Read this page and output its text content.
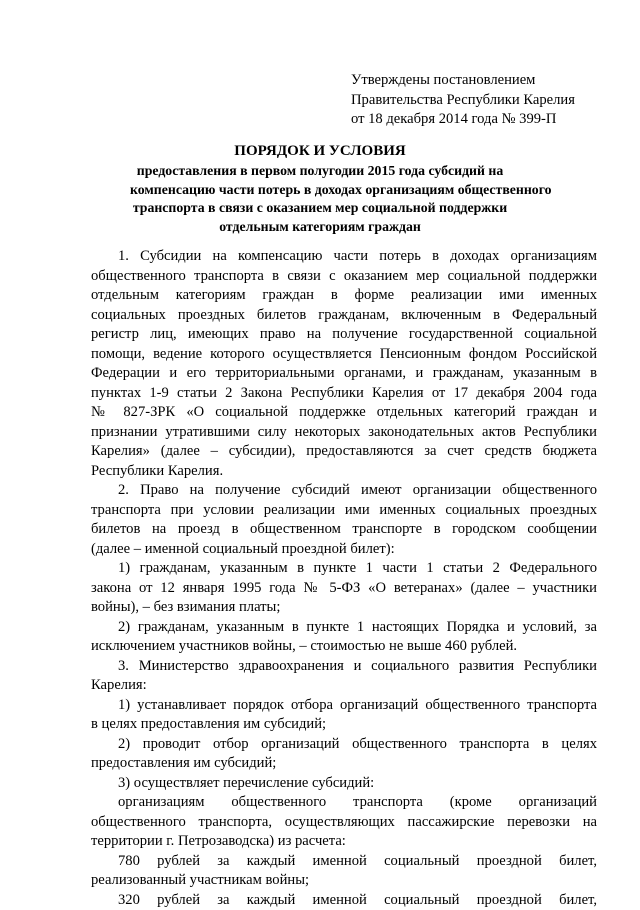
Утверждены постановлением
Правительства Республики Карелия
от 18 декабря 2014 года № 399-П
ПОРЯДОК И УСЛОВИЯ
предоставления в первом полугодии 2015 года субсидий на
компенсацию части потерь в доходах организациям общественного
транспорта в связи с оказанием мер социальной поддержки
отдельным категориям граждан

1. Субсидии на компенсацию части потерь в доходах организациям

общественного транспорта в связи с оказанием мер социальной поддержки

отдельным категориям граждан в форме реализации ими именных

социальных проездных билетов гражданам, включенным в Федеральный

регистр лиц, имеющих право на получение государственной социальной

помощи, ведение которого осуществляется Пенсионным фондом Российской

Федерации и его территориальными органами, и гражданам, указанным в

пунктах 1-9 статьи 2 Закона Республики Карелия от 17 декабря 2004 года

№ 827-ЗРК «О социальной поддержке отдельных категорий граждан и

признании утратившими силу некоторых законодательных актов Республики

Карелия» (далее – субсидии), предоставляются за счет средств бюджета

Республики Карелия.

2. Право на получение субсидий имеют организации общественного

транспорта при условии реализации ими именных социальных проездных

билетов на проезд в общественном транспорте в городском сообщении

(далее – именной социальный проездной билет):

1) гражданам, указанным в пункте 1 части 1 статьи 2 Федерального

закона от 12 января 1995 года № 5-ФЗ «О ветеранах» (далее – участники

войны), – без взимания платы;

2) гражданам, указанным в пункте 1 настоящих Порядка и условий, за

исключением участников войны, – стоимостью не выше 460 рублей.

3. Министерство здравоохранения и социального развития Республики

Карелия:

1) устанавливает порядок отбора организаций общественного транспорта

в целях предоставления им субсидий;

2) проводит отбор организаций общественного транспорта в целях

предоставления им субсидий;

3) осуществляет перечисление субсидий:

организациям общественного транспорта (кроме организаций

общественного транспорта, осуществляющих пассажирские перевозки на

территории г. Петрозаводска) из расчета:

780 рублей за каждый именной социальный проездной билет,

реализованный участникам войны;

320 рублей за каждый именной социальный проездной билет,
